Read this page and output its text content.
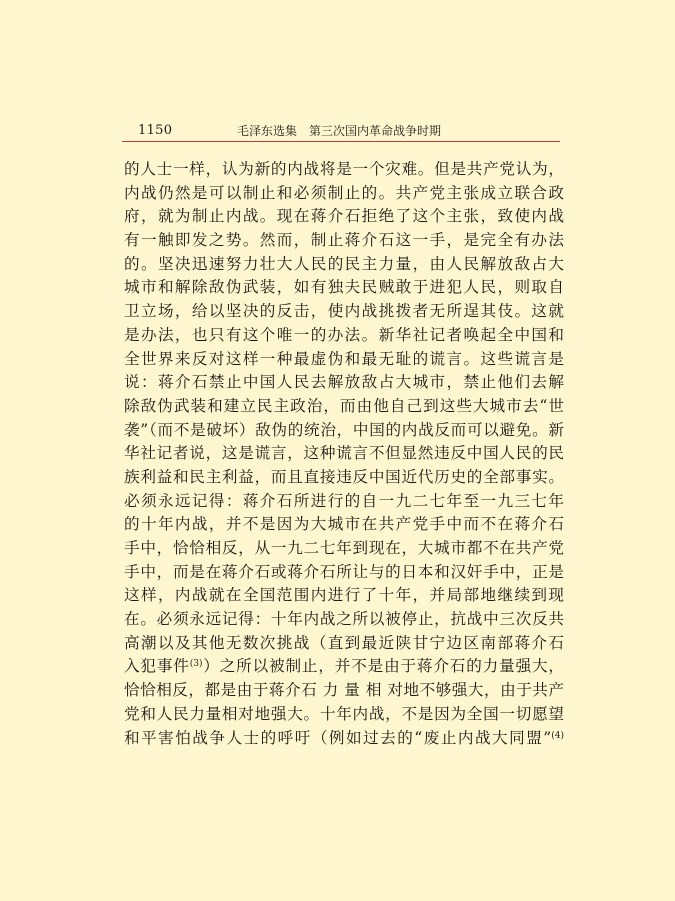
1150	毛泽东选集　第三次国内革命战争时期
的人士一样，认为新的内战将是一个灾难。但是共产党认为，
内战仍然是可以制止和必须制止的。共产党主张成立联合政
府，就为制止内战。现在蒋介石拒绝了这个主张，致使内战
有一触即发之势。然而，制止蒋介石这一手，是完全有办法
的。坚决迅速努力壮大人民的民主力量，由人民解放敌占大
城市和解除敌伪武装，如有独夫民贼敢于进犯人民，则取自
卫立场，给以坚决的反击，使内战挑拨者无所逞其伎。这就
是办法，也只有这个唯一的办法。新华社记者唤起全中国和
全世界来反对这样一种最虚伪和最无耻的谎言。这些谎言是
说：蒋介石禁止中国人民去解放敌占大城市，禁止他们去解
除敌伪武装和建立民主政治，而由他自己到这些大城市去“世
袭”（而不是破坏）敌伪的统治，中国的内战反而可以避免。新
华社记者说，这是谎言，这种谎言不但显然违反中国人民的民
族利益和民主利益，而且直接违反中国近代历史的全部事实。
必须永远记得：蒋介石所进行的自一九二七年至一九三七年
的十年内战，并不是因为大城市在共产党手中而不在蒋介石
手中，恰恰相反，从一九二七年到现在，大城市都不在共产党
手中，而是在蒋介石或蒋介石所让与的日本和汉奸手中，正是
这样，内战就在全国范围内进行了十年，并局部地继续到现
在。必须永远记得：十年内战之所以被停止，抗战中三次反共
高潮以及其他无数次挑战（直到最近陕甘宁边区南部蒋介石
入犯事件$^{(3)}$）之所以被制止，并不是由于蒋介石的力量强大，
恰恰相反，都是由于蒋介石 力 量 相 对地不够强大，由于共产
党和人民力量相对地强大。十年内战，不是因为全国一切愿望
和平害怕战争人士的呼吁（例如过去的“废止内战大同盟”$^{(4)}$
